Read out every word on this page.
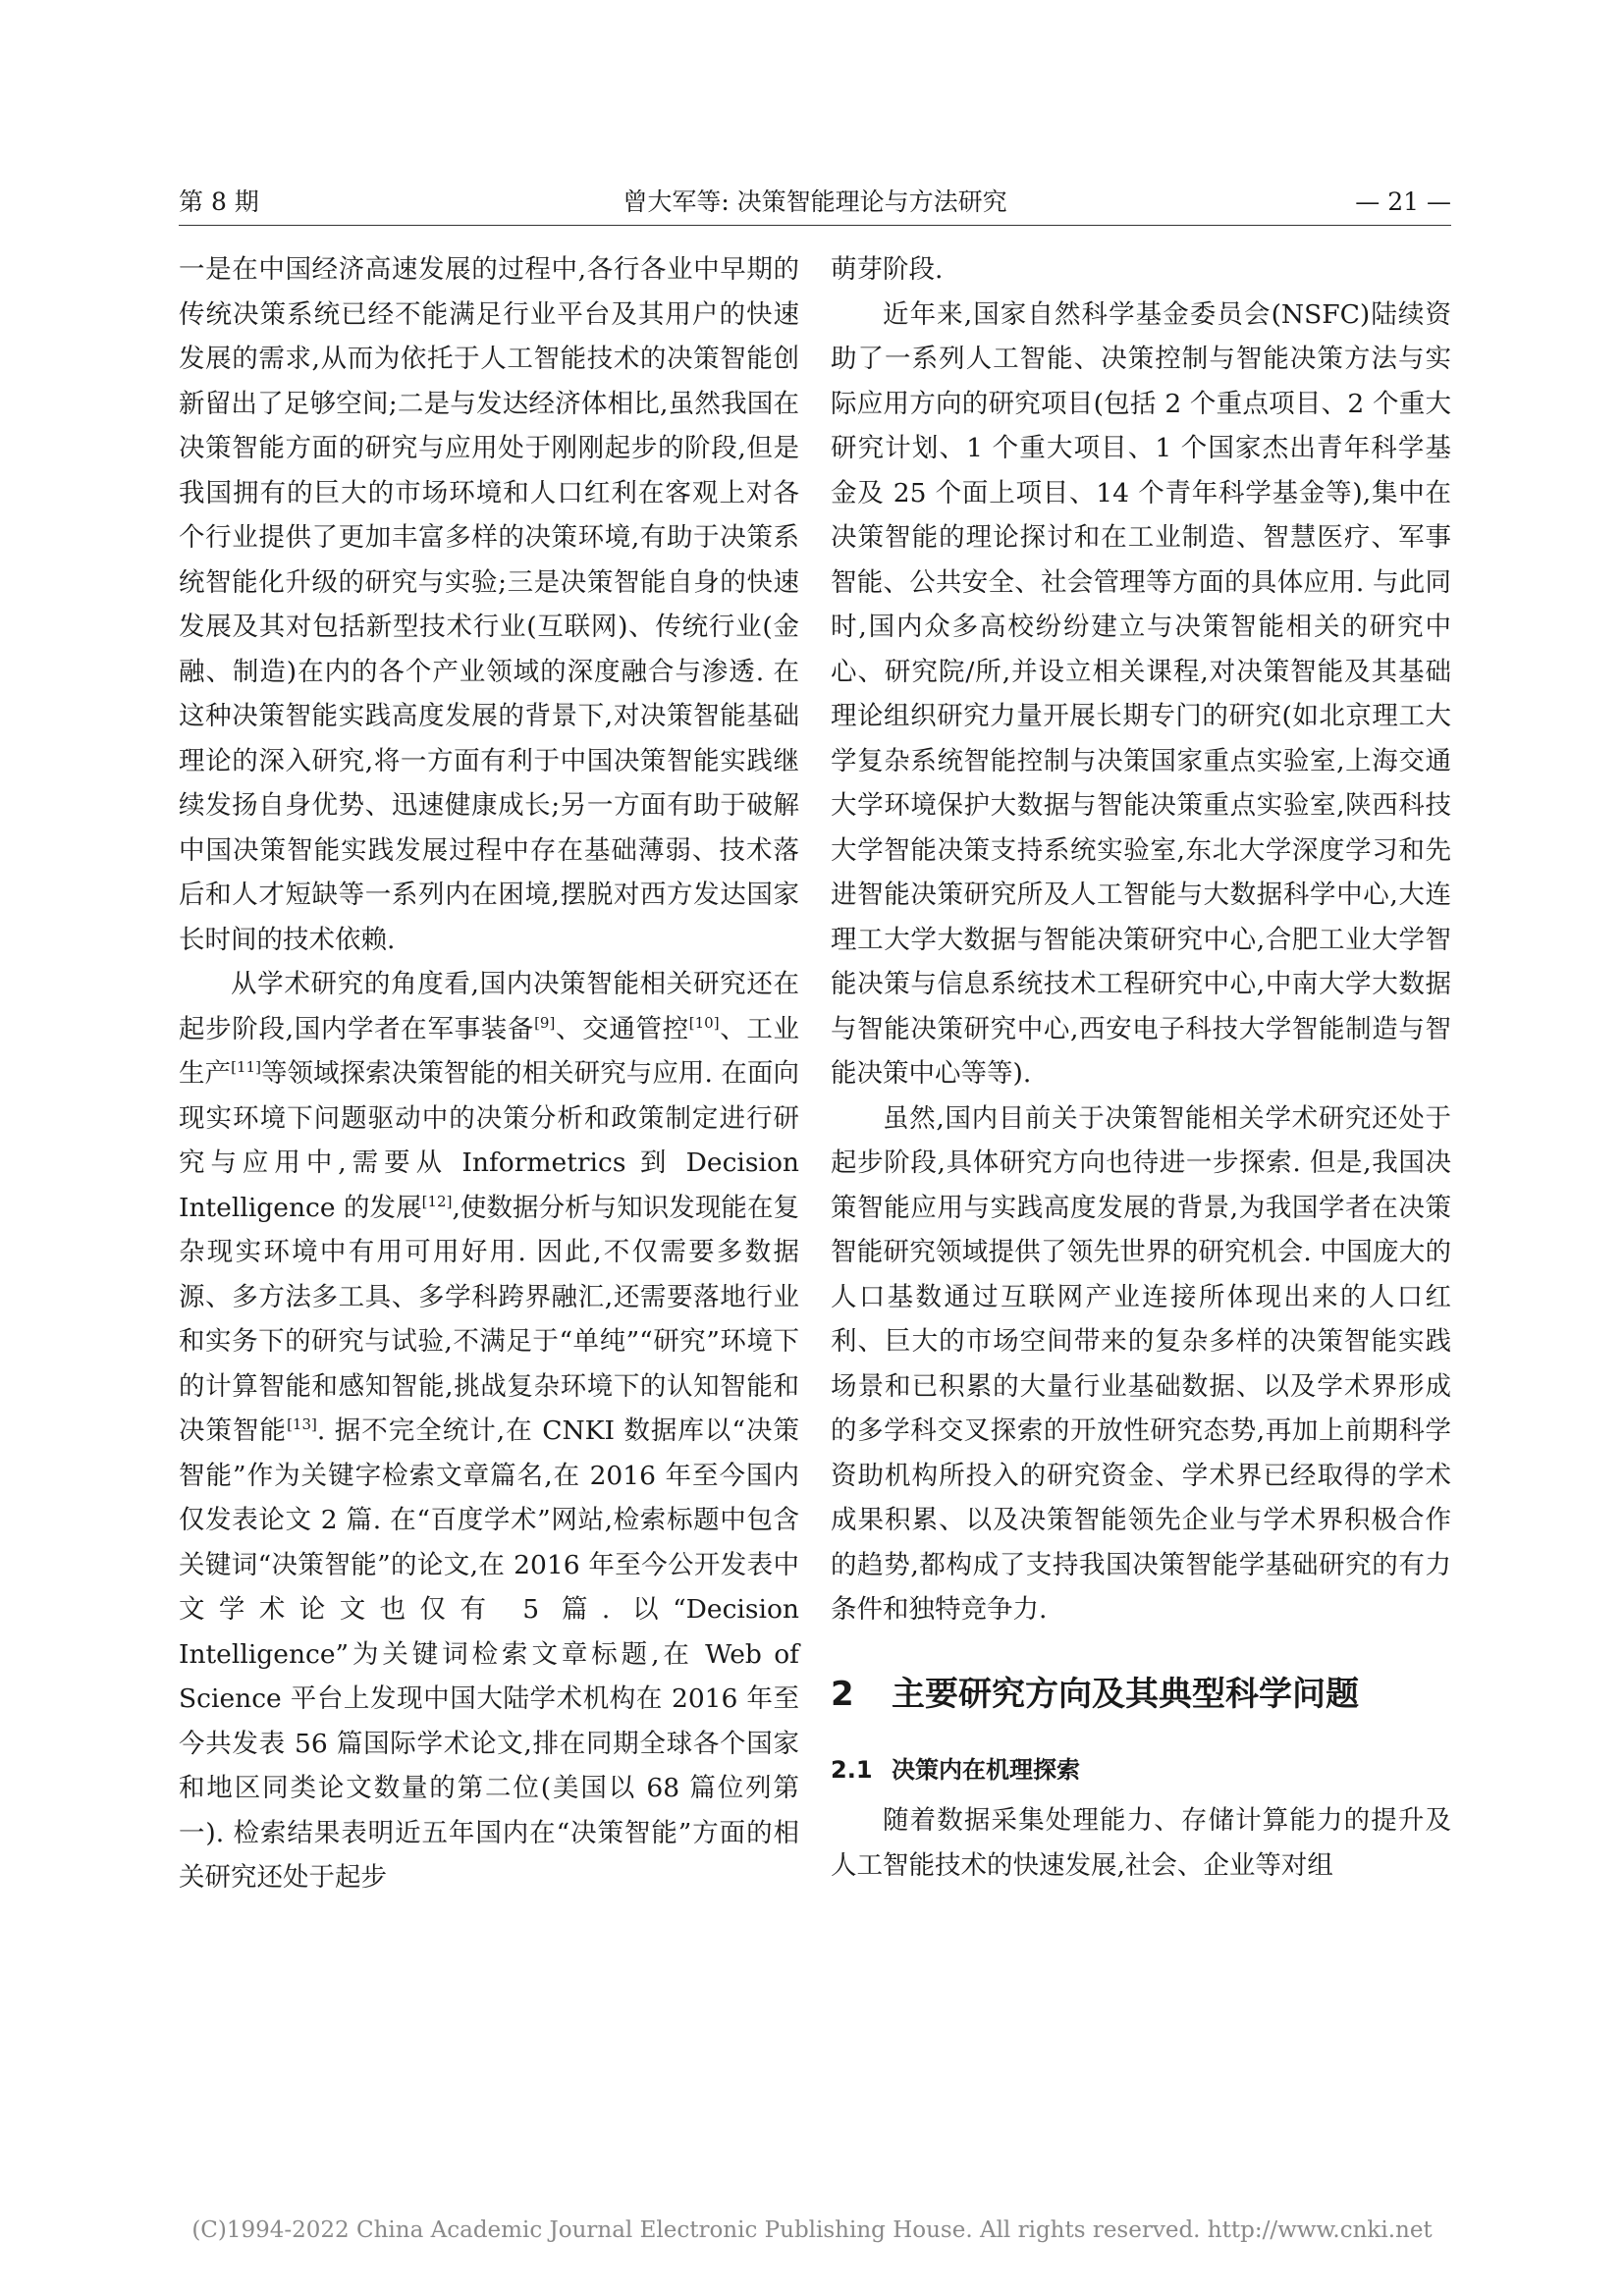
第 8 期	曾大军等: 决策智能理论与方法研究	— 21 —

一是在中国经济高速发展的过程中,各行各业中早期的传统决策系统已经不能满足行业平台及其用户的快速发展的需求,从而为依托于人工智能技术的决策智能创新留出了足够空间;二是与发达经济体相比,虽然我国在决策智能方面的研究与应用处于刚刚起步的阶段,但是我国拥有的巨大的市场环境和人口红利在客观上对各个行业提供了更加丰富多样的决策环境,有助于决策系统智能化升级的研究与实验;三是决策智能自身的快速发展及其对包括新型技术行业(互联网)、传统行业(金融、制造)在内的各个产业领域的深度融合与渗透. 在这种决策智能实践高度发展的背景下,对决策智能基础理论的深入研究,将一方面有利于中国决策智能实践继续发扬自身优势、迅速健康成长;另一方面有助于破解中国决策智能实践发展过程中存在基础薄弱、技术落后和人才短缺等一系列内在困境,摆脱对西方发达国家长时间的技术依赖.

从学术研究的角度看,国内决策智能相关研究还在起步阶段,国内学者在军事装备[9]、交通管控[10]、工业生产[11]等领域探索决策智能的相关研究与应用. 在面向现实环境下问题驱动中的决策分析和政策制定进行研究与应用中,需要从 Informetrics 到 Decision Intelligence 的发展[12],使数据分析与知识发现能在复杂现实环境中有用可用好用. 因此,不仅需要多数据源、多方法多工具、多学科跨界融汇,还需要落地行业和实务下的研究与试验,不满足于“单纯”“研究”环境下的计算智能和感知智能,挑战复杂环境下的认知智能和决策智能[13]. 据不完全统计,在 CNKI 数据库以“决策智能”作为关键字检索文章篇名,在 2016 年至今国内仅发表论文 2 篇. 在“百度学术”网站,检索标题中包含关键词“决策智能”的论文,在 2016 年至今公开发表中文学术论文也仅有 5 篇. 以“Decision Intelligence”为关键词检索文章标题,在 Web of Science 平台上发现中国大陆学术机构在 2016 年至今共发表 56 篇国际学术论文,排在同期全球各个国家和地区同类论文数量的第二位(美国以 68 篇位列第一). 检索结果表明近五年国内在“决策智能”方面的相关研究还处于起步

萌芽阶段.

近年来,国家自然科学基金委员会(NSFC)陆续资助了一系列人工智能、决策控制与智能决策方法与实际应用方向的研究项目(包括 2 个重点项目、2 个重大研究计划、1 个重大项目、1 个国家杰出青年科学基金及 25 个面上项目、14 个青年科学基金等),集中在决策智能的理论探讨和在工业制造、智慧医疗、军事智能、公共安全、社会管理等方面的具体应用. 与此同时,国内众多高校纷纷建立与决策智能相关的研究中心、研究院/所,并设立相关课程,对决策智能及其基础理论组织研究力量开展长期专门的研究(如北京理工大学复杂系统智能控制与决策国家重点实验室,上海交通大学环境保护大数据与智能决策重点实验室,陕西科技大学智能决策支持系统实验室,东北大学深度学习和先进智能决策研究所及人工智能与大数据科学中心,大连理工大学大数据与智能决策研究中心,合肥工业大学智能决策与信息系统技术工程研究中心,中南大学大数据与智能决策研究中心,西安电子科技大学智能制造与智能决策中心等等).

虽然,国内目前关于决策智能相关学术研究还处于起步阶段,具体研究方向也待进一步探索. 但是,我国决策智能应用与实践高度发展的背景,为我国学者在决策智能研究领域提供了领先世界的研究机会. 中国庞大的人口基数通过互联网产业连接所体现出来的人口红利、巨大的市场空间带来的复杂多样的决策智能实践场景和已积累的大量行业基础数据、以及学术界形成的多学科交叉探索的开放性研究态势,再加上前期科学资助机构所投入的研究资金、学术界已经取得的学术成果积累、以及决策智能领先企业与学术界积极合作的趋势,都构成了支持我国决策智能学基础研究的有力条件和独特竞争力.

2 主要研究方向及其典型科学问题
2.1 决策内在机理探索

随着数据采集处理能力、存储计算能力的提升及人工智能技术的快速发展,社会、企业等对组

(C)1994-2022 China Academic Journal Electronic Publishing House. All rights reserved. http://www.cnki.net
